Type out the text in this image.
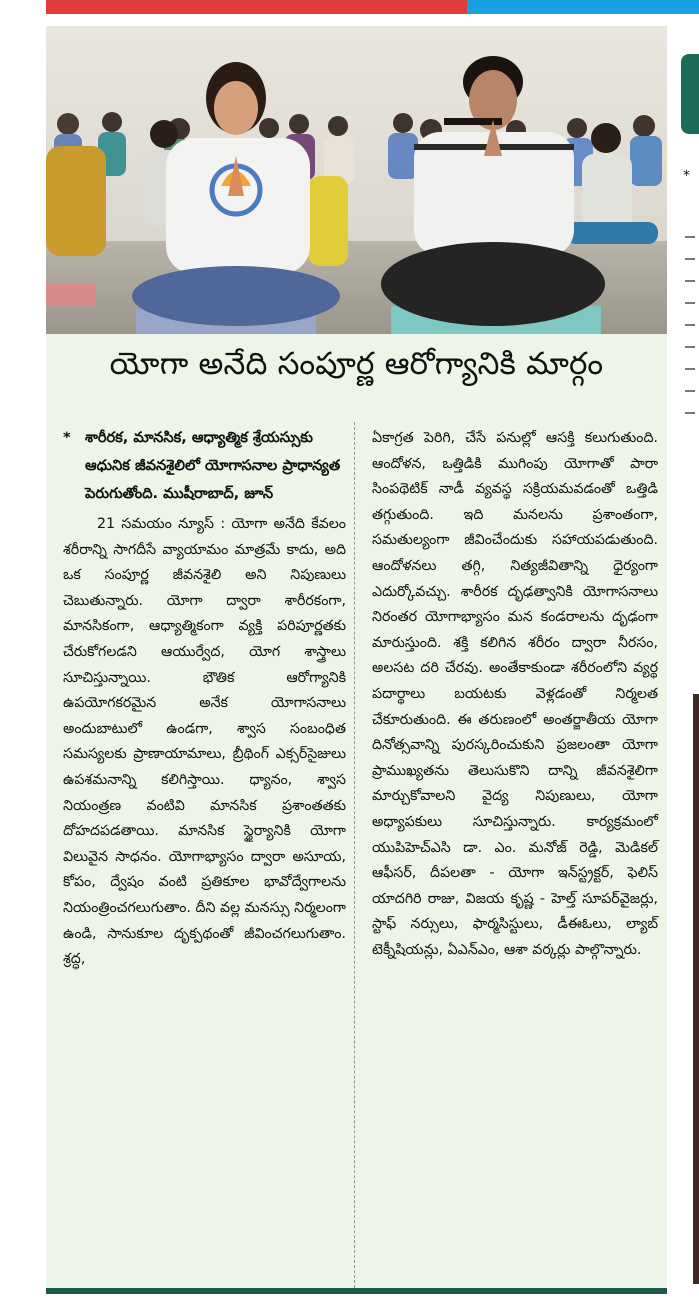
యోగా అనేది సంపూర్ణ ఆరోగ్యానికి మార్గం
* శారీరక, మానసిక, ఆధ్యాత్మిక శ్రేయస్సుకు ఆధునిక జీవనశైలిలో యోగాసనాల ప్రాధాన్యత పెరుగుతోంది. ముషీరాబాద్, జూన్
21 సమయం న్యూస్ : యోగా అనేది కేవలం శరీరాన్ని సాగదీసే వ్యాయామం మాత్రమే కాదు, అది ఒక సంపూర్ణ జీవనశైలి అని నిపుణులు చెబుతున్నారు. యోగా ద్వారా శారీరకంగా, మానసికంగా, ఆధ్యాత్మికంగా వ్యక్తి పరిపూర్ణతకు చేరుకోగలడని ఆయుర్వేద, యోగ శాస్త్రాలు సూచిస్తున్నాయి. భౌతిక ఆరోగ్యానికి ఉపయోగకరమైన అనేక యోగాసనాలు అందుబాటులో ఉండగా, శ్వాస సంబంధిత సమస్యలకు ప్రాణాయామాలు, బ్రీథింగ్ ఎక్సర్‌సైజులు ఉపశమనాన్ని కలిగిస్తాయి. ధ్యానం, శ్వాస నియంత్రణ వంటివి మానసిక ప్రశాంతతకు దోహదపడతాయి. మానసిక స్థైర్యానికి యోగా విలువైన సాధనం. యోగాభ్యాసం ద్వారా అసూయ, కోపం, ద్వేషం వంటి ప్రతికూల భావోద్వేగాలను నియంత్రించగలుగుతాం. దీని వల్ల మనస్సు నిర్మలంగా ఉండి, సానుకూల దృక్పథంతో జీవించగలుగుతాం. శ్రద్ధ,
ఏకాగ్రత పెరిగి, చేసే పనుల్లో ఆసక్తి కలుగుతుంది. ఆందోళన, ఒత్తిడికి ముగింపు యోగాతో పారా సింపథెటిక్ నాడీ వ్యవస్థ సక్రియమవడంతో ఒత్తిడి తగ్గుతుంది. ఇది మనలను ప్రశాంతంగా, సమతుల్యంగా జీవించేందుకు సహాయపడుతుంది. ఆందోళనలు తగ్గి, నిత్యజీవితాన్ని ధైర్యంగా ఎదుర్కోవచ్చు. శారీరక దృఢత్వానికి యోగాసనాలు నిరంతర యోగాభ్యాసం మన కండరాలను దృఢంగా మారుస్తుంది. శక్తి కలిగిన శరీరం ద్వారా నీరసం, అలసట దరి చేరవు. అంతేకాకుండా శరీరంలోని వ్యర్థ పదార్థాలు బయటకు వెళ్లడంతో నిర్మలత చేకూరుతుంది. ఈ తరుణంలో అంతర్జాతీయ యోగా దినోత్సవాన్ని పురస్కరించుకుని ప్రజలంతా యోగా ప్రాముఖ్యతను తెలుసుకొని దాన్ని జీవనశైలిగా మార్చుకోవాలని వైద్య నిపుణులు, యోగా అధ్యాపకులు సూచిస్తున్నారు. కార్యక్రమంలో యుపిహెచ్‌ఎసి డా. ఎం. మనోజ్ రెడ్డి, మెడికల్ ఆఫీసర్, దీపలతా - యోగా ఇన్‌స్ట్రక్టర్, ఫెలిస్ యాదగిరి రాజు, విజయ కృష్ణ - హెల్త్ సూపర్‌వైజర్లు, స్టాఫ్ నర్సులు, ఫార్మసిస్టులు, డీఈఓలు, ల్యాబ్ టెక్నీషియన్లు, ఏఎన్ఎం, ఆశా వర్కర్లు పాల్గొన్నారు.
*
